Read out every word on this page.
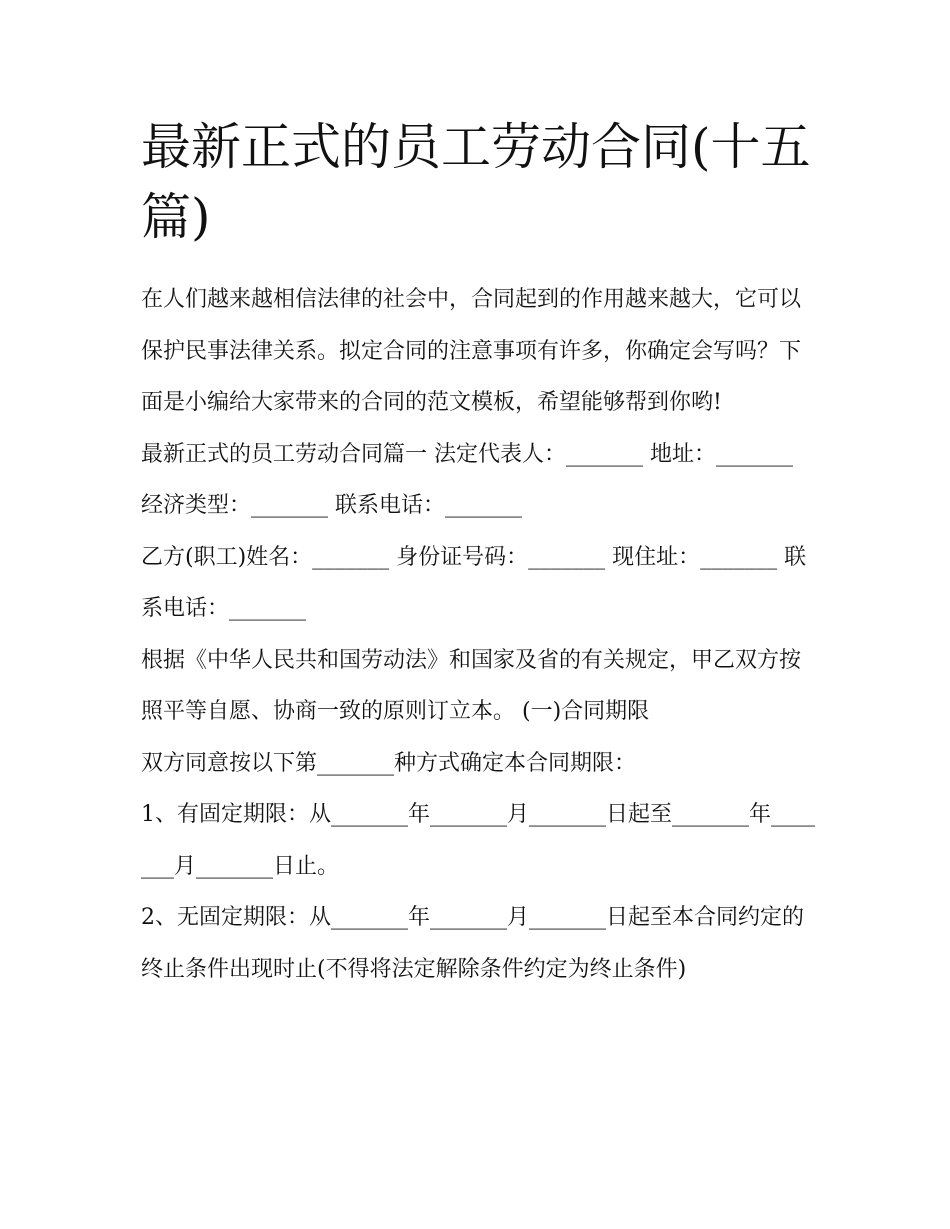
最新正式的员工劳动合同(十五篇)

在人们越来越相信法律的社会中，合同起到的作用越来越大，它可以保护民事法律关系。拟定合同的注意事项有许多，你确定会写吗？下面是小编给大家带来的合同的范文模板，希望能够帮到你哟!

最新正式的员工劳动合同篇一 法定代表人：_______ 地址：_______ 经济类型：_______ 联系电话：_______

乙方(职工)姓名：_______ 身份证号码：_______ 现住址：_______ 联系电话：_______

根据《中华人民共和国劳动法》和国家及省的有关规定，甲乙双方按照平等自愿、协商一致的原则订立本。 (一)合同期限

双方同意按以下第_______种方式确定本合同期限：

1、有固定期限：从_______年_______月_______日起至_______年_______月_______日止。

2、无固定期限：从_______年_______月_______日起至本合同约定的终止条件出现时止(不得将法定解除条件约定为终止条件)
